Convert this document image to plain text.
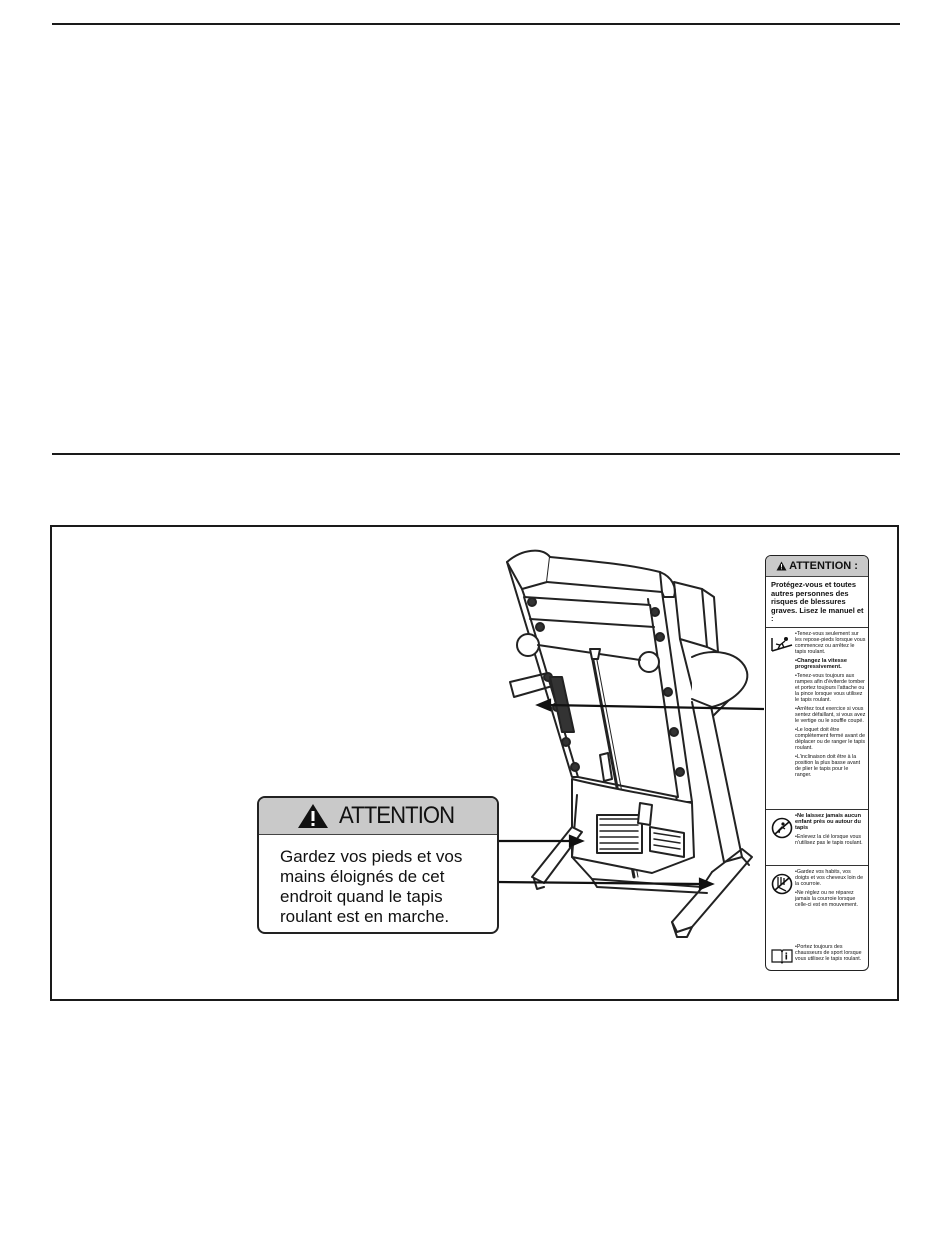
ATTENTION
Gardez vos pieds et vos mains éloignés de cet endroit quand le tapis roulant est en marche.
ATTENTION :
Protégez-vous et toutes autres personnes des risques de blessures graves. Lisez le manuel et :
•Tenez-vous seulement sur les repose-pieds lorsque vous commencez ou arrêtez le tapis roulant.
•Changez la vitesse progressivement.
•Tenez-vous toujours aux rampes afin d'éviterde tomber et portez toujours l'attache ou la pince lorsque vous utilisez le tapis roulant.
•Arrêtez tout exercice si vous sentez défaillant, si vous avez le vertige ou le souffle coupé.
•Le loquet doit être complètement fermé avant de déplacer ou de ranger le tapis roulant.
•L'inclinaison doit être à la position la plus basse avant de plier le tapis pour le ranger.
•Ne laissez jamais aucun enfant près ou autour du tapis
•Enlevez la clé lorsque vous n'utilisez pas le tapis roulant.
•Gardez vos habits, vos doigts et vos cheveux loin de la courroie.
•Ne réglez ou ne réparez jamais la courroie lorsque celle-ci est en mouvement.
•Portez toujours des chausseurs de sport lorsque vous utilisez le tapis roulant.
